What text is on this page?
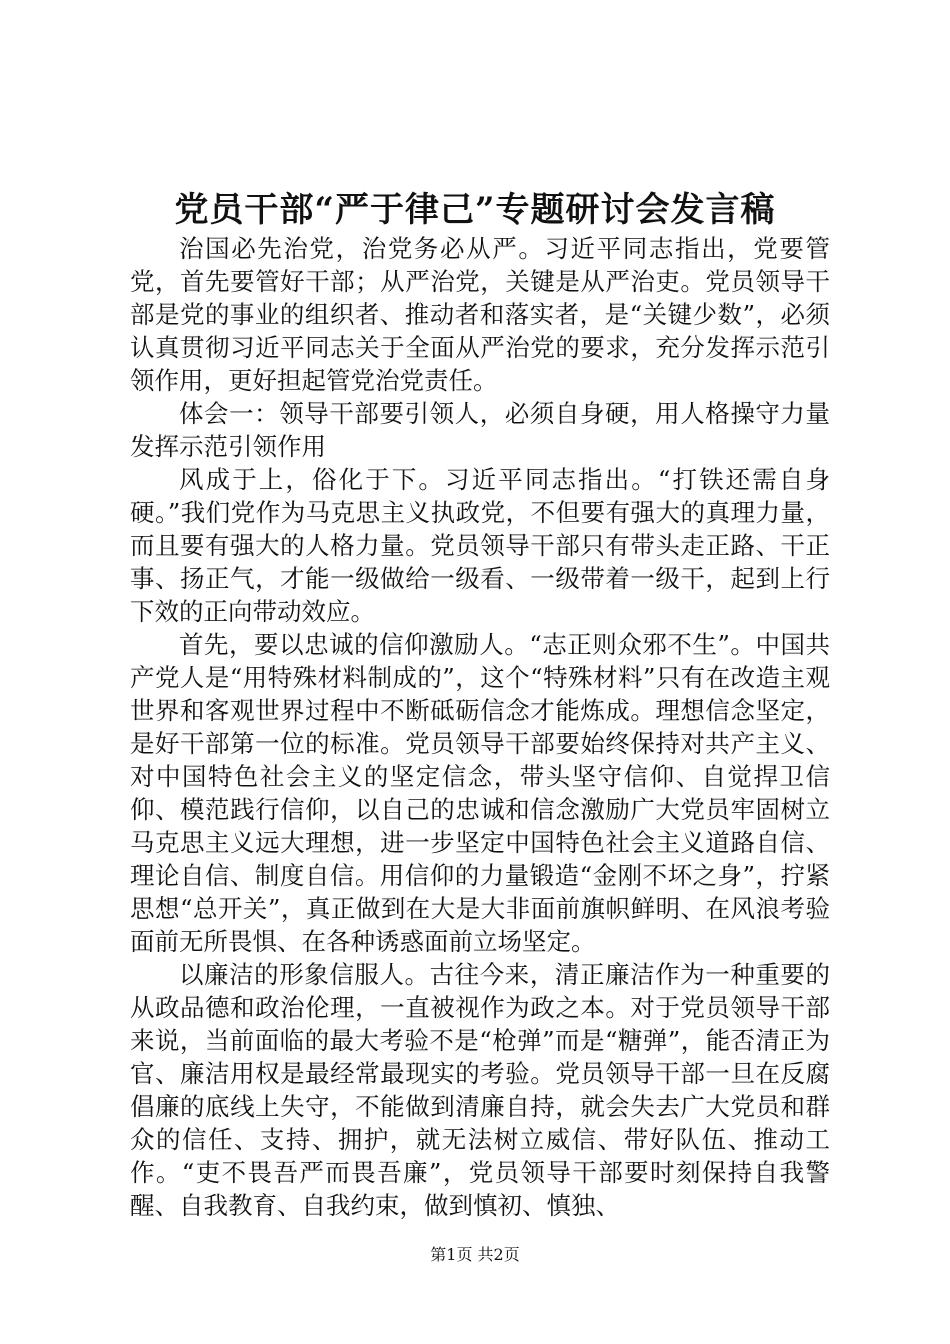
党员干部“严于律己”专题研讨会发言稿

治国必先治党，治党务必从严。习近平同志指出，党要管党，首先要管好干部；从严治党，关键是从严治吏。党员领导干部是党的事业的组织者、推动者和落实者，是“关键少数”，必须认真贯彻习近平同志关于全面从严治党的要求，充分发挥示范引领作用，更好担起管党治党责任。

体会一：领导干部要引领人，必须自身硬，用人格操守力量发挥示范引领作用

风成于上，俗化于下。习近平同志指出。“打铁还需自身硬。”我们党作为马克思主义执政党，不但要有强大的真理力量，而且要有强大的人格力量。党员领导干部只有带头走正路、干正事、扬正气，才能一级做给一级看、一级带着一级干，起到上行下效的正向带动效应。

首先，要以忠诚的信仰激励人。“志正则众邪不生”。中国共产党人是“用特殊材料制成的”，这个“特殊材料”只有在改造主观世界和客观世界过程中不断砥砺信念才能炼成。理想信念坚定，是好干部第一位的标准。党员领导干部要始终保持对共产主义、对中国特色社会主义的坚定信念，带头坚守信仰、自觉捍卫信仰、模范践行信仰，以自己的忠诚和信念激励广大党员牢固树立马克思主义远大理想，进一步坚定中国特色社会主义道路自信、理论自信、制度自信。用信仰的力量锻造“金刚不坏之身”，拧紧思想“总开关”，真正做到在大是大非面前旗帜鲜明、在风浪考验面前无所畏惧、在各种诱惑面前立场坚定。

以廉洁的形象信服人。古往今来，清正廉洁作为一种重要的从政品德和政治伦理，一直被视作为政之本。对于党员领导干部来说，当前面临的最大考验不是“枪弹”而是“糖弹”，能否清正为官、廉洁用权是最经常最现实的考验。党员领导干部一旦在反腐倡廉的底线上失守，不能做到清廉自持，就会失去广大党员和群众的信任、支持、拥护，就无法树立威信、带好队伍、推动工作。“吏不畏吾严而畏吾廉”，党员领导干部要时刻保持自我警醒、自我教育、自我约束，做到慎初、慎独、

第1页 共2页
